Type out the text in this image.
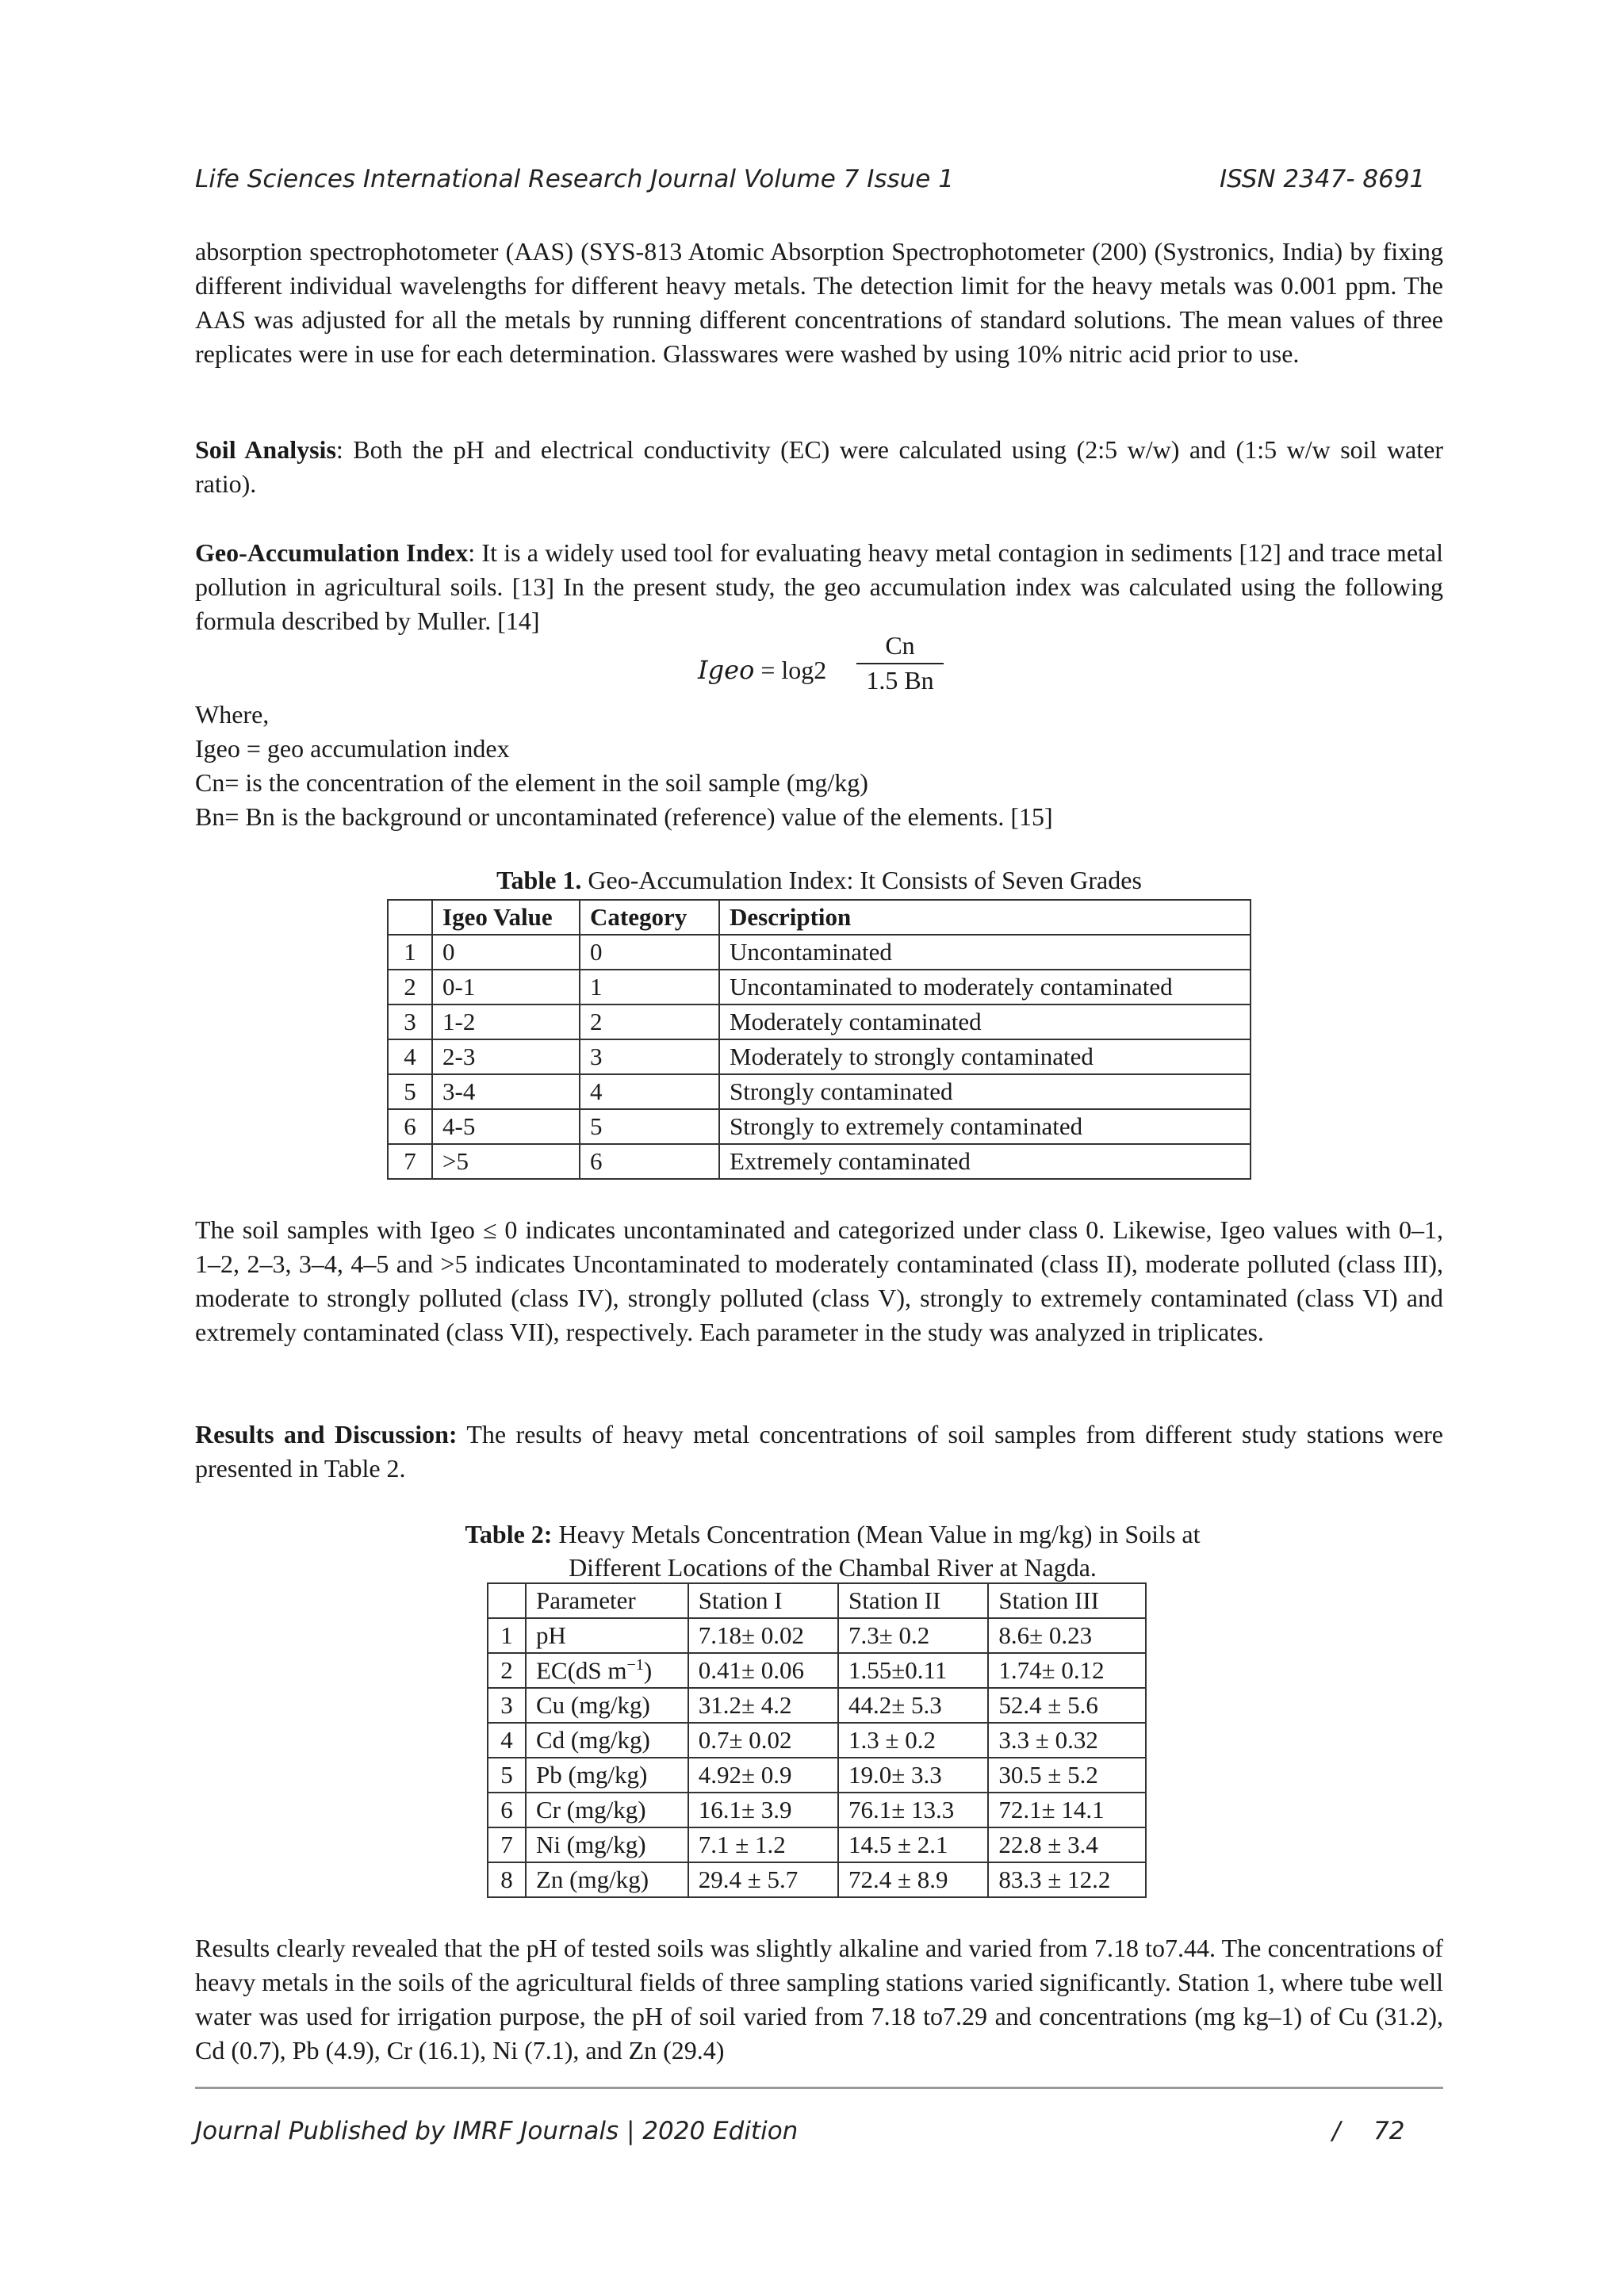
Life Sciences International Research Journal Volume 7 Issue 1	ISSN 2347- 8691

absorption spectrophotometer (AAS) (SYS-813 Atomic Absorption Spectrophotometer (200) (Systronics, India) by fixing different individual wavelengths for different heavy metals. The detection limit for the heavy metals was 0.001 ppm. The AAS was adjusted for all the metals by running different concentrations of standard solutions. The mean values of three replicates were in use for each determination. Glasswares were washed by using 10% nitric acid prior to use.

Soil Analysis: Both the pH and electrical conductivity (EC) were calculated using (2:5 w/w) and (1:5 w/w soil water ratio).

Geo-Accumulation Index: It is a widely used tool for evaluating heavy metal contagion in sediments [12] and trace metal pollution in agricultural soils. [13] In the present study, the geo accumulation index was calculated using the following formula described by Muller. [14]

Igeo = $\log 2 \frac{Cn}{1.5 Bn}$

Where,

Igeo = geo accumulation index

Cn= is the concentration of the element in the soil sample (mg/kg)

Bn= Bn is the background or uncontaminated (reference) value of the elements. [15]

Table 1. Geo-Accumulation Index: It Consists of Seven Grades
	Igeo Value	Category	Description
1	0	0	Uncontaminated
2	0-1	1	Uncontaminated to moderately contaminated
3	1-2	2	Moderately contaminated
4	2-3	3	Moderately to strongly contaminated
5	3-4	4	Strongly contaminated
6	4-5	5	Strongly to extremely contaminated
7	>5	6	Extremely contaminated

The soil samples with Igeo ≤ 0 indicates uncontaminated and categorized under class 0. Likewise, Igeo values with 0–1, 1–2, 2–3, 3–4, 4–5 and >5 indicates Uncontaminated to moderately contaminated (class II), moderate polluted (class III), moderate to strongly polluted (class IV), strongly polluted (class V), strongly to extremely contaminated (class VI) and extremely contaminated (class VII), respectively. Each parameter in the study was analyzed in triplicates.

Results and Discussion: The results of heavy metal concentrations of soil samples from different study stations were presented in Table 2.

Table 2: Heavy Metals Concentration (Mean Value in mg/kg) in Soils at
Different Locations of the Chambal River at Nagda.
	Parameter	Station I	Station II	Station III
1	pH	7.18± 0.02	7.3± 0.2	8.6± 0.23
2	EC(dS $m^{-1}$)	0.41± 0.06	1.55±0.11	1.74± 0.12
3	Cu (mg/kg)	31.2± 4.2	44.2± 5.3	52.4 ± 5.6
4	Cd (mg/kg)	0.7± 0.02	1.3 ± 0.2	3.3 ± 0.32
5	Pb (mg/kg)	4.92± 0.9	19.0± 3.3	30.5 ± 5.2
6	Cr (mg/kg)	16.1± 3.9	76.1± 13.3	72.1± 14.1
7	Ni (mg/kg)	7.1 ± 1.2	14.5 ± 2.1	22.8 ± 3.4
8	Zn (mg/kg)	29.4 ± 5.7	72.4 ± 8.9	83.3 ± 12.2

Results clearly revealed that the pH of tested soils was slightly alkaline and varied from 7.18 to7.44. The concentrations of heavy metals in the soils of the agricultural fields of three sampling stations varied significantly. Station 1, where tube well water was used for irrigation purpose, the pH of soil varied from 7.18 to7.29 and concentrations (mg kg–1) of Cu (31.2), Cd (0.7), Pb (4.9), Cr (16.1), Ni (7.1), and Zn (29.4)

Journal Published by IMRF Journals | 2020 Edition	/ 72
